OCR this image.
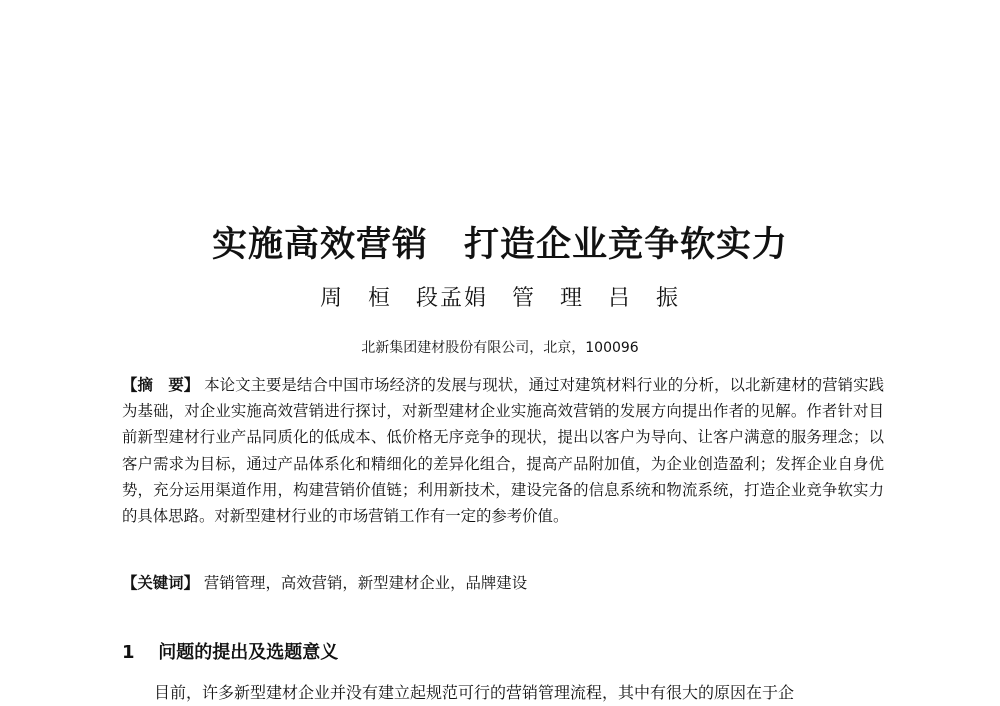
实施高效营销　打造企业竞争软实力
周　桓　段孟娟　管　理　吕　振
北新集团建材股份有限公司，北京，100096
【摘　要】 本论文主要是结合中国市场经济的发展与现状，通过对建筑材料行业的分析，以北新建材的营销实践为基础，对企业实施高效营销进行探讨，对新型建材企业实施高效营销的发展方向提出作者的见解。作者针对目前新型建材行业产品同质化的低成本、低价格无序竞争的现状，提出以客户为导向、让客户满意的服务理念；以客户需求为目标，通过产品体系化和精细化的差异化组合，提高产品附加值，为企业创造盈利；发挥企业自身优势，充分运用渠道作用，构建营销价值链；利用新技术，建设完备的信息系统和物流系统，打造企业竞争软实力的具体思路。对新型建材行业的市场营销工作有一定的参考价值。
【关键词】 营销管理，高效营销，新型建材企业，品牌建设
1 问题的提出及选题意义
目前，许多新型建材企业并没有建立起规范可行的营销管理流程，其中有很大的原因在于企
